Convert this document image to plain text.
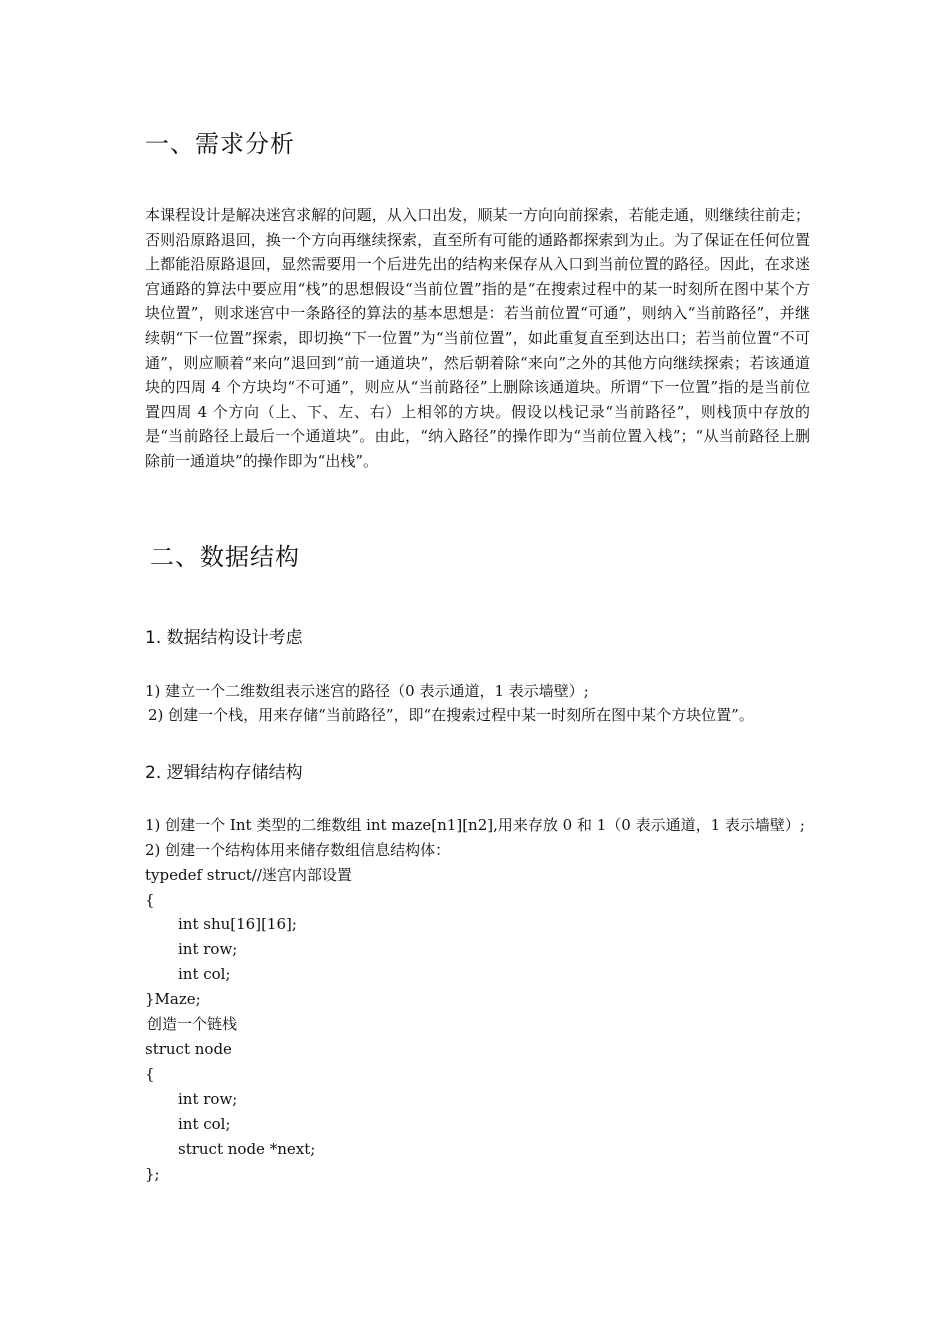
一、需求分析
本课程设计是解决迷宫求解的问题，从入口出发，顺某一方向向前探索，若能走通，则继续往前走；否则沿原路退回，换一个方向再继续探索，直至所有可能的通路都探索到为止。为了保证在任何位置上都能沿原路退回，显然需要用一个后进先出的结构来保存从入口到当前位置的路径。因此，在求迷宫通路的算法中要应用“栈”的思想假设“当前位置”指的是“在搜索过程中的某一时刻所在图中某个方块位置”，则求迷宫中一条路径的算法的基本思想是：若当前位置“可通”，则纳入“当前路径”，并继续朝“下一位置”探索，即切换“下一位置”为“当前位置”，如此重复直至到达出口；若当前位置“不可通”，则应顺着“来向”退回到“前一通道块”，然后朝着除“来向”之外的其他方向继续探索；若该通道块的四周 4 个方块均“不可通”，则应从“当前路径”上删除该通道块。所谓“下一位置”指的是当前位置四周 4 个方向（上、下、左、右）上相邻的方块。假设以栈记录“当前路径”，则栈顶中存放的是“当前路径上最后一个通道块”。由此，“纳入路径”的操作即为“当前位置入栈”；“从当前路径上删除前一通道块”的操作即为“出栈”。
二、数据结构
1. 数据结构设计考虑
1) 建立一个二维数组表示迷宫的路径（0 表示通道，1 表示墙壁）;
2) 创建一个栈，用来存储“当前路径”，即“在搜索过程中某一时刻所在图中某个方块位置”。
2. 逻辑结构存储结构
1) 创建一个 Int 类型的二维数组 int maze[n1][n2],用来存放 0 和 1（0 表示通道，1 表示墙壁）;
2) 创建一个结构体用来储存数组信息结构体：
typedef struct//迷宫内部设置
{
int shu[16][16];
int row;
int col;
}Maze;
创造一个链栈
struct node
{
int row;
int col;
struct node *next;
};
